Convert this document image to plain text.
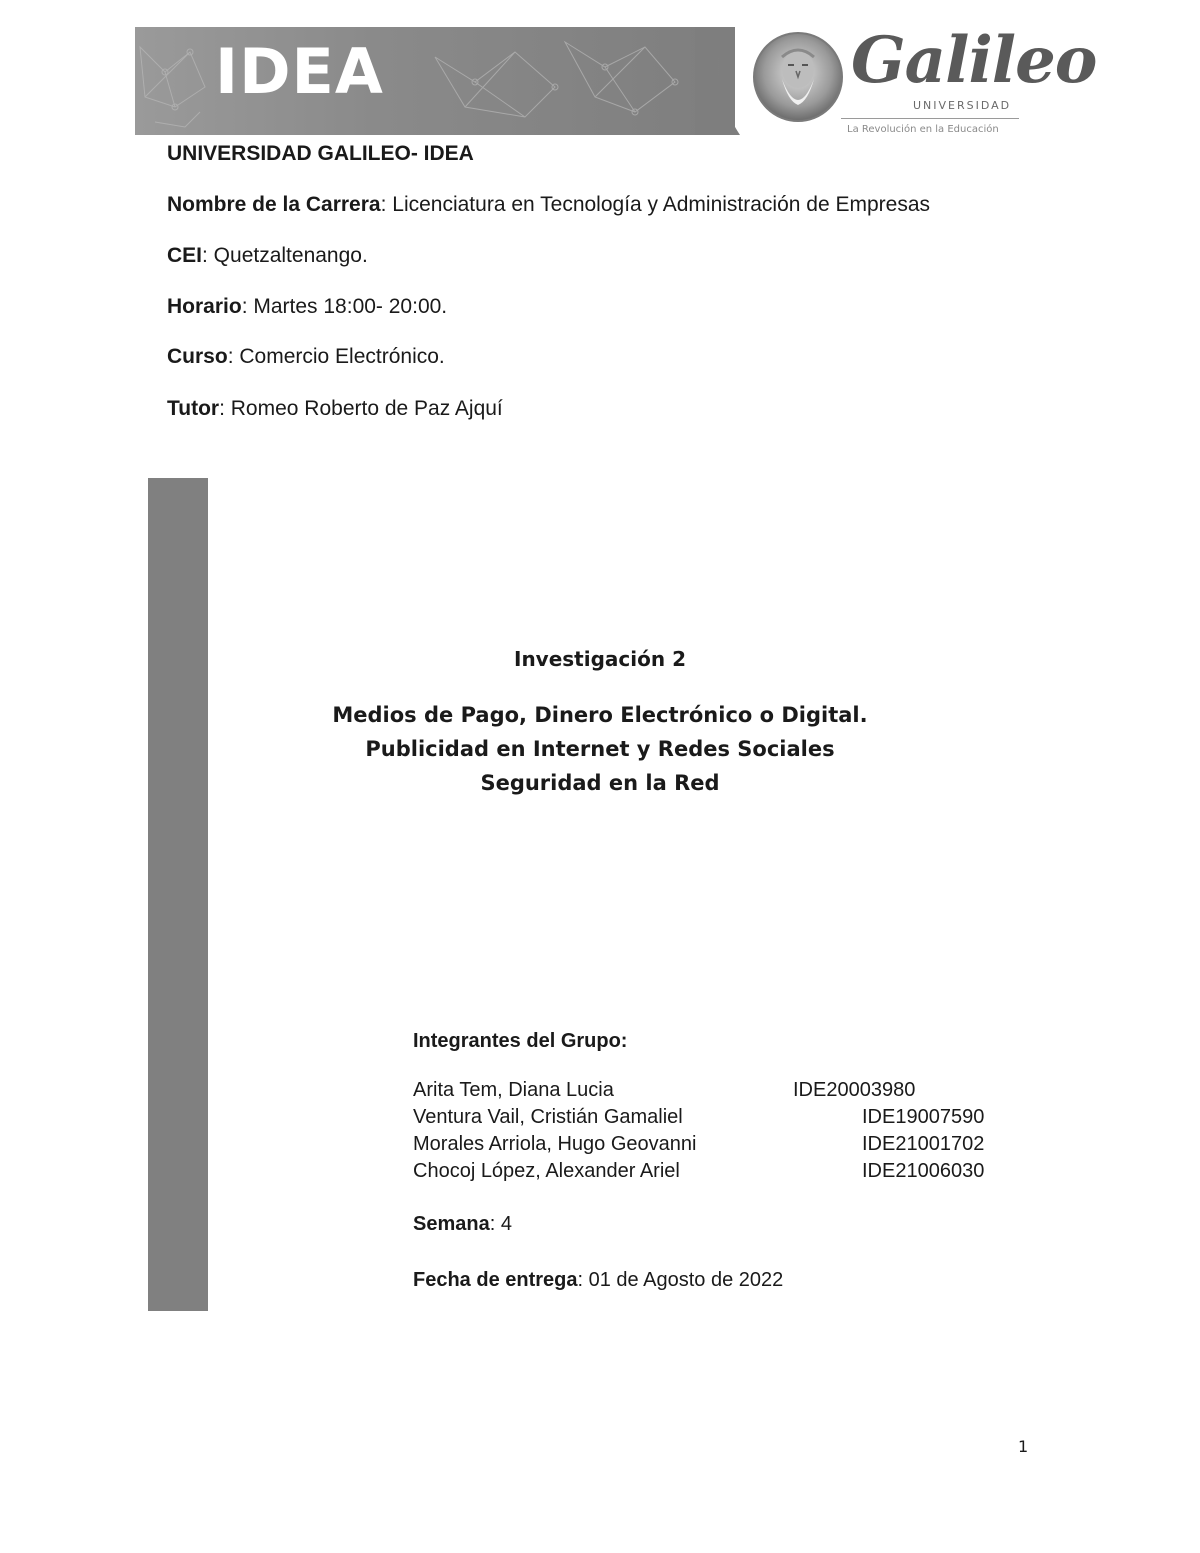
IDEA	Galileo
UNIVERSIDAD
La Revolución en la Educación
UNIVERSIDAD GALILEO- IDEA
Nombre de la Carrera: Licenciatura en Tecnología y Administración de Empresas
CEI: Quetzaltenango.
Horario: Martes 18:00- 20:00.
Curso: Comercio Electrónico.
Tutor: Romeo Roberto de Paz Ajquí
Investigación 2
Medios de Pago, Dinero Electrónico o Digital.
Publicidad en Internet y Redes Sociales
Seguridad en la Red
Integrantes del Grupo:
Arita Tem, Diana Lucia	IDE20003980
Ventura Vail, Cristián Gamaliel	IDE19007590
Morales Arriola, Hugo Geovanni	IDE21001702
Chocoj López, Alexander Ariel	IDE21006030
Semana: 4
Fecha de entrega: 01 de Agosto de 2022
1
